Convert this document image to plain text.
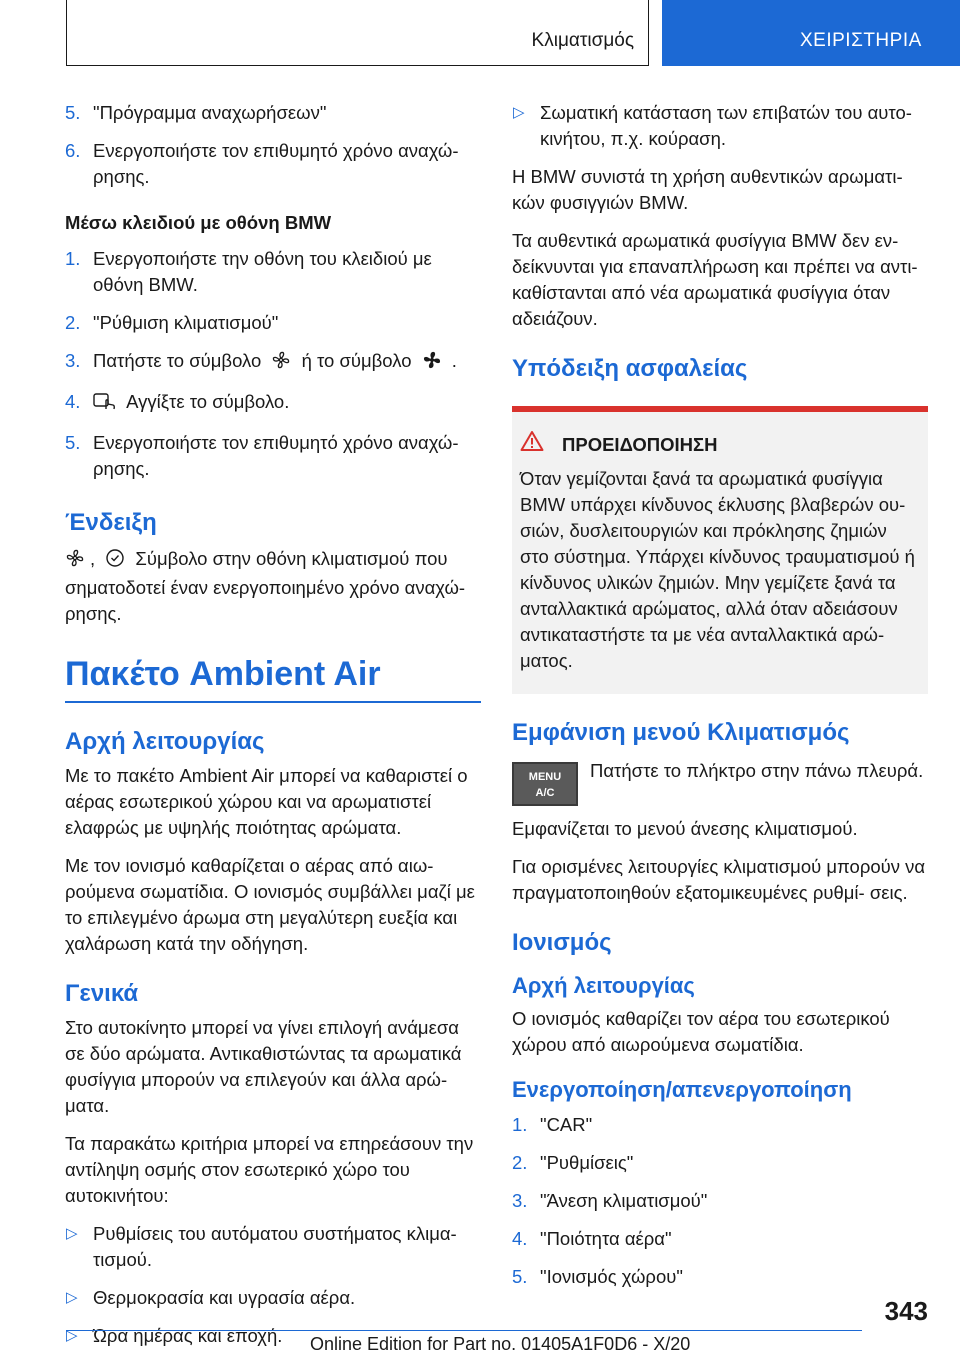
Κλιματισμός	ΧΕΙΡΙΣΤΗΡΙΑ
5. "Πρόγραμμα αναχωρήσεων"
6. Ενεργοποιήστε τον επιθυμητό χρόνο αναχώ‐ ρησης.
Μέσω κλειδιού με οθόνη BMW
1. Ενεργοποιήστε την οθόνη του κλειδιού με οθόνη BMW.
2. "Ρύθμιση κλιματισμού"
3. Πατήστε το σύμβολο ή το σύμβολο .
4. Αγγίξτε το σύμβολο.
5. Ενεργοποιήστε τον επιθυμητό χρόνο αναχώ‐ ρησης.
Ένδειξη

, Σύμβολο στην οθόνη κλιματισμού που σηματοδοτεί έναν ενεργοποιημένο χρόνο αναχώ‐ ρησης.

Πακέτο Ambient Air
Αρχή λειτουργίας

Με το πακέτο Ambient Air μπορεί να καθαριστεί ο αέρας εσωτερικού χώρου και να αρωματιστεί ελαφρώς με υψηλής ποιότητας αρώματα.

Με τον ιονισμό καθαρίζεται ο αέρας από αιω‐ ρούμενα σωματίδια. Ο ιονισμός συμβάλλει μαζί με το επιλεγμένο άρωμα στη μεγαλύτερη ευεξία και χαλάρωση κατά την οδήγηση.

Γενικά

Στο αυτοκίνητο μπορεί να γίνει επιλογή ανάμεσα σε δύο αρώματα. Αντικαθιστώντας τα αρωματικά φυσίγγια μπορούν να επιλεγούν και άλλα αρώ‐ ματα.

Τα παρακάτω κριτήρια μπορεί να επηρεάσουν την αντίληψη οσμής στον εσωτερικό χώρο του αυτοκινήτου:

▷ Ρυθμίσεις του αυτόματου συστήματος κλιμα‐ τισμού.
▷ Θερμοκρασία και υγρασία αέρα.
▷ Ώρα ημέρας και εποχή.
▷ Σωματική κατάσταση των επιβατών του αυτο‐ κινήτου, π.χ. κούραση.

Η BMW συνιστά τη χρήση αυθεντικών αρωματι‐ κών φυσιγγιών BMW.

Τα αυθεντικά αρωματικά φυσίγγια BMW δεν εν‐ δείκνυνται για επαναπλήρωση και πρέπει να αντι‐ καθίστανται από νέα αρωματικά φυσίγγια όταν αδειάζουν.

Υπόδειξη ασφαλείας
ΠΡΟΕΙΔΟΠΟΙΗΣΗ
Όταν γεμίζονται ξανά τα αρωματικά φυσίγγια BMW υπάρχει κίνδυνος έκλυσης βλαβερών ου‐ σιών, δυσλειτουργιών και πρόκλησης ζημιών στο σύστημα. Υπάρχει κίνδυνος τραυματισμού ή κίνδυνος υλικών ζημιών. Μην γεμίζετε ξανά τα ανταλλακτικά αρώματος, αλλά όταν αδειάσουν αντικαταστήστε τα με νέα ανταλλακτικά αρώ‐ ματος.
Εμφάνιση μενού Κλιματισμός
MENU
A/C
Πατήστε το πλήκτρο στην πάνω πλευρά.

Εμφανίζεται το μενού άνεσης κλιματισμού.

Για ορισμένες λειτουργίες κλιματισμού μπορούν να πραγματοποιηθούν εξατομικευμένες ρυθμί‐ σεις.

Ιονισμός
Αρχή λειτουργίας

Ο ιονισμός καθαρίζει τον αέρα του εσωτερικού χώρου από αιωρούμενα σωματίδια.

Ενεργοποίηση/απενεργοποίηση
1. "CAR"
2. "Ρυθμίσεις"
3. "Άνεση κλιματισμού"
4. "Ποιότητα αέρα"
5. "Ιονισμός χώρου"
343
Online Edition for Part no. 01405A1F0D6 - X/20
